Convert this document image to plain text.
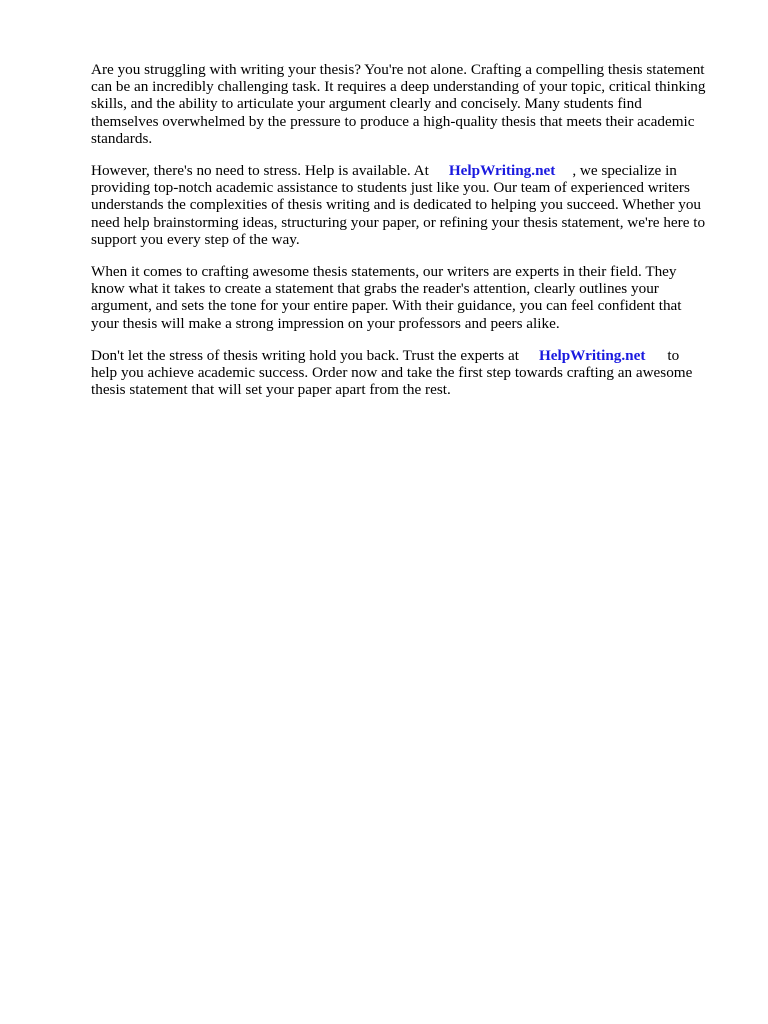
Are you struggling with writing your thesis? You're not alone. Crafting a compelling thesis statement
can be an incredibly challenging task. It requires a deep understanding of your topic, critical thinking
skills, and the ability to articulate your argument clearly and concisely. Many students find
themselves overwhelmed by the pressure to produce a high-quality thesis that meets their academic
standards.

However, there's no need to stress. Help is available. At HelpWriting.net , we specialize in
providing top-notch academic assistance to students just like you. Our team of experienced writers
understands the complexities of thesis writing and is dedicated to helping you succeed. Whether you
need help brainstorming ideas, structuring your paper, or refining your thesis statement, we're here to
support you every step of the way.

When it comes to crafting awesome thesis statements, our writers are experts in their field. They
know what it takes to create a statement that grabs the reader's attention, clearly outlines your
argument, and sets the tone for your entire paper. With their guidance, you can feel confident that
your thesis will make a strong impression on your professors and peers alike.

Don't let the stress of thesis writing hold you back. Trust the experts at HelpWriting.net to
help you achieve academic success. Order now and take the first step towards crafting an awesome
thesis statement that will set your paper apart from the rest.
